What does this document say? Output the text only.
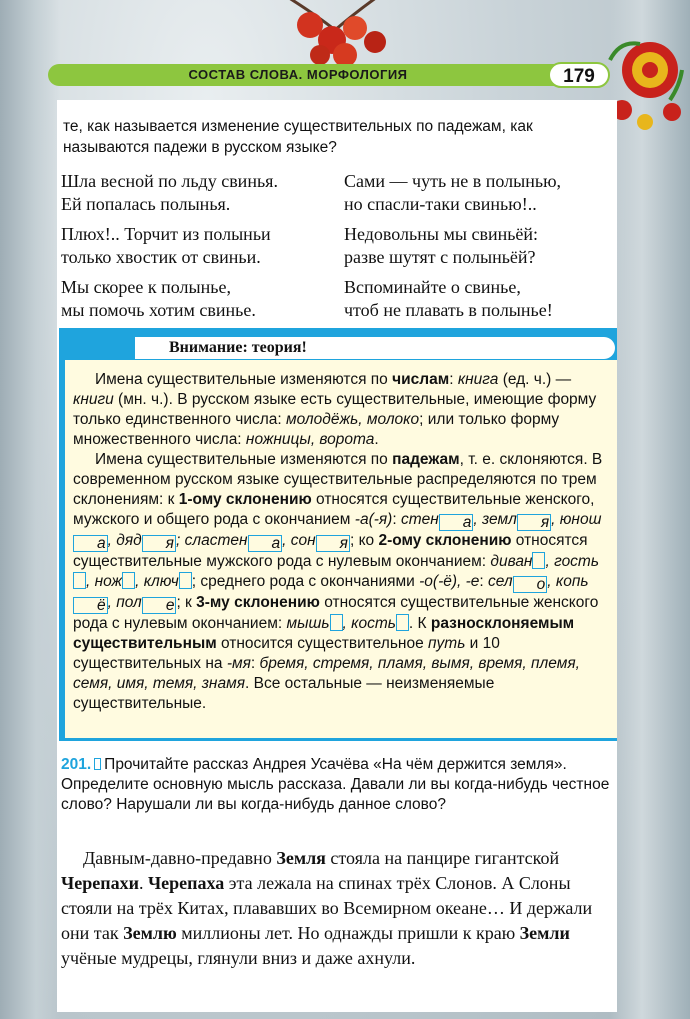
СОСТАВ СЛОВА. МОРФОЛОГИЯ	179

те, как называется изменение существительных по падежам, как называются падежи в русском языке?

Шла весной по льду свинья.
Ей попалась полынья.
Плюх!.. Торчит из полыньи
только хвостик от свиньи.
Мы скорее к полынье,
мы помочь хотим свинье.
Сами — чуть не в полынью,
но спасли-таки свинью!..
Недовольны мы свиньёй:
разве шутят с полыньёй?
Вспоминайте о свинье,
чтоб не плавать в полынье!
Внимание: теория!

Имена существительные изменяются по числам: книга (ед. ч.) — книги (мн. ч.). В русском языке есть существительные, имеющие форму только единственного числа: молодёжь, молоко; или только форму множественного числа: ножницы, ворота.

Имена существительные изменяются по падежам, т. е. склоняются. В современном русском языке существительные распределяются по трем склонениям: к 1-ому склонению относятся существительные женского, мужского и общего рода с окончанием -а(-я): стен а , земл я , юноша , дяд я ; сластен а , сон я ; ко 2-ому склонению относятся существительные мужского рода с нулевым окончанием: диван , гость, нож , ключ ; среднего рода с окончаниями -о(-ё), -е: сел о , копьё , пол е ; к 3-му склонению относятся существительные женского рода с нулевым окончанием: мышь , кость . К разносклоняемым существительным относится существительное путь и 10 существительных на -мя: бремя, стремя, пламя, вымя, время, племя, семя, имя, темя, знамя. Все остальные — неизменяемые существительные.

201. Прочитайте рассказ Андрея Усачёва «На чём держится земля». Определите основную мысль рассказа. Давали ли вы когда-нибудь честное слово? Нарушали ли вы когда-нибудь данное слово?

Давным-давно-предавно Земля стояла на панцире гигантской Черепахи. Черепаха эта лежала на спинах трёх Слонов. А Слоны стояли на трёх Китах, плававших во Всемирном океане… И держали они так Землю миллионы лет. Но однажды пришли к краю Земли учёные мудрецы, глянули вниз и даже ахнули.
